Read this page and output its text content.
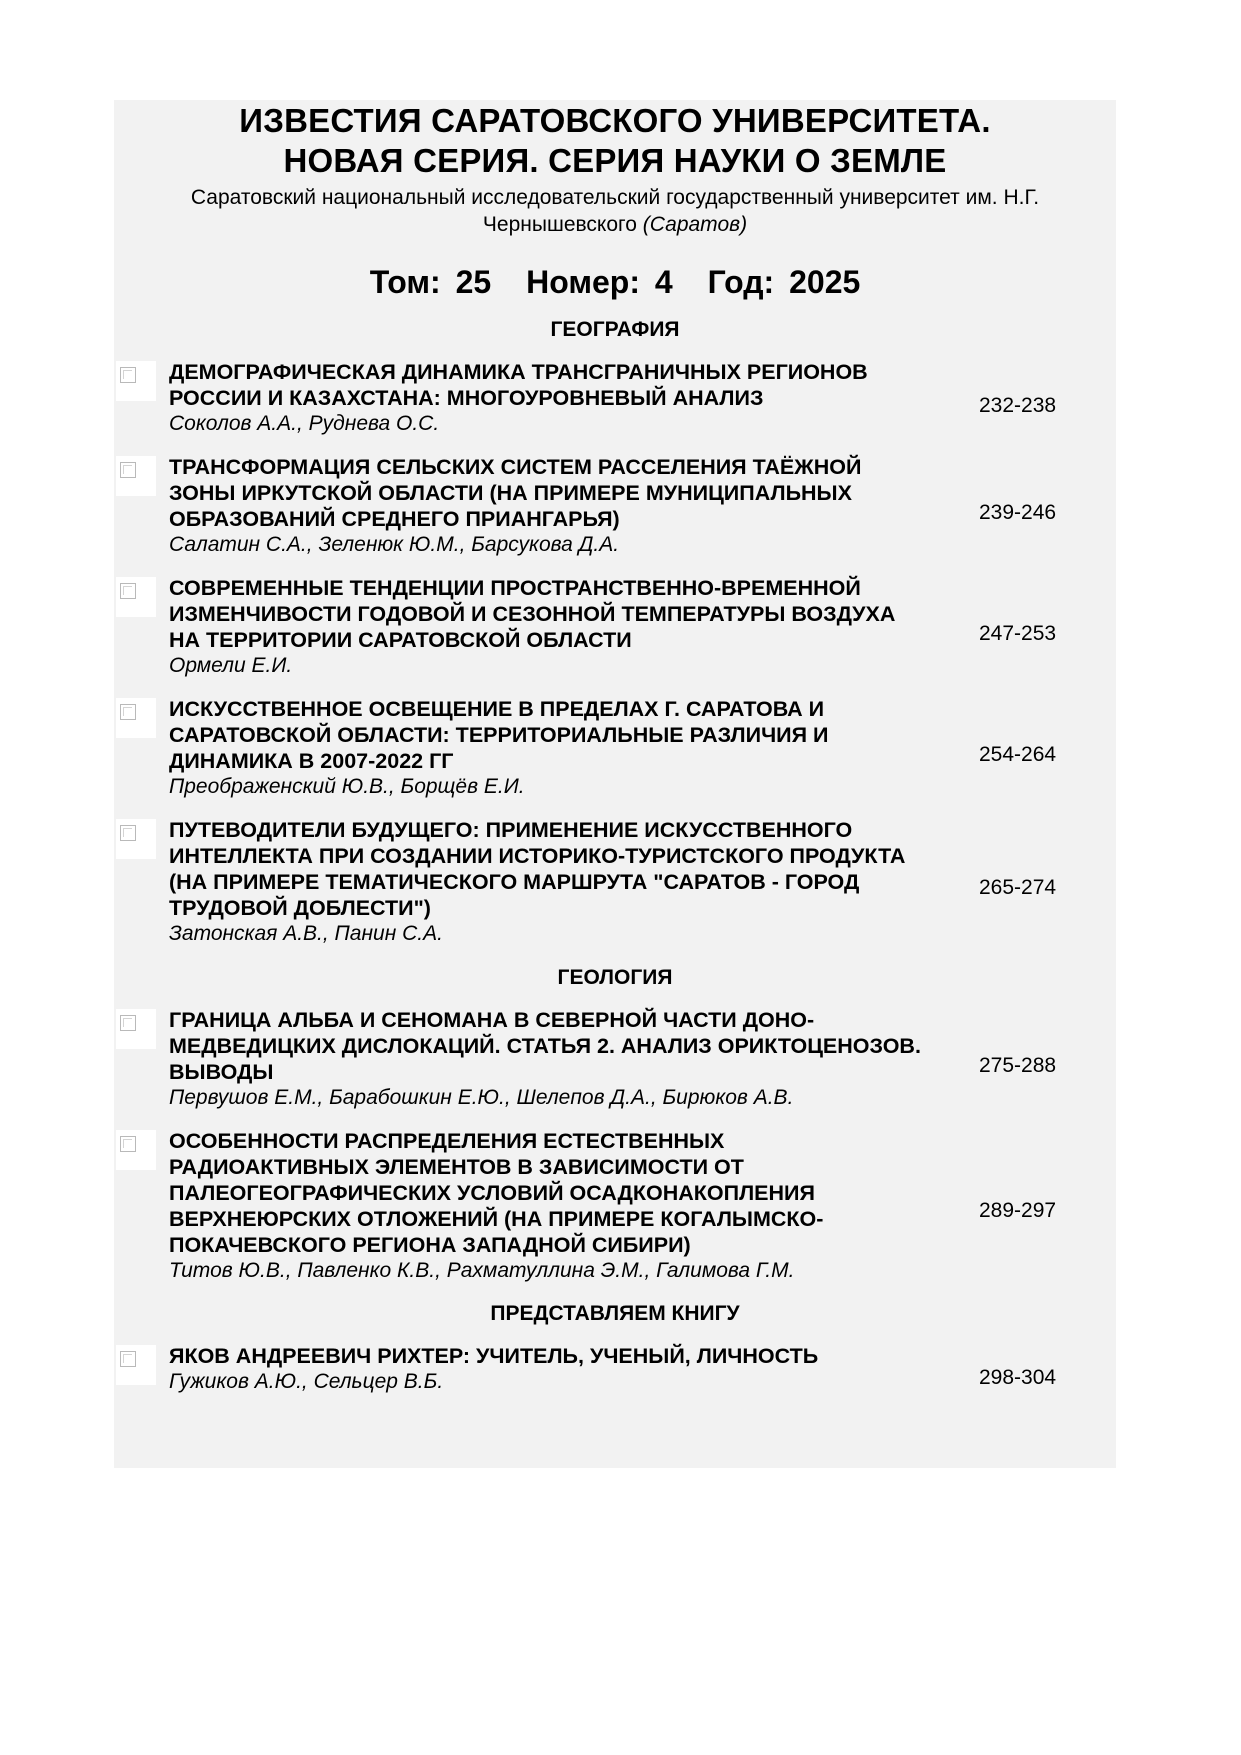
ИЗВЕСТИЯ САРАТОВСКОГО УНИВЕРСИТЕТА.
НОВАЯ СЕРИЯ. СЕРИЯ НАУКИ О ЗЕМЛЕ
Саратовский национальный исследовательский государственный университет им. Н.Г. Чернышевского (Саратов)
Том: 25 Номер: 4 Год: 2025
ГЕОГРАФИЯ
ДЕМОГРАФИЧЕСКАЯ ДИНАМИКА ТРАНСГРАНИЧНЫХ РЕГИОНОВ РОССИИ И КАЗАХСТАНА: МНОГОУРОВНЕВЫЙ АНАЛИЗ
Соколов А.А., Руднева О.С.
232-238
ТРАНСФОРМАЦИЯ СЕЛЬСКИХ СИСТЕМ РАССЕЛЕНИЯ ТАЁЖНОЙ ЗОНЫ ИРКУТСКОЙ ОБЛАСТИ (НА ПРИМЕРЕ МУНИЦИПАЛЬНЫХ ОБРАЗОВАНИЙ СРЕДНЕГО ПРИАНГАРЬЯ)
Салатин С.А., Зеленюк Ю.М., Барсукова Д.А.
239-246
СОВРЕМЕННЫЕ ТЕНДЕНЦИИ ПРОСТРАНСТВЕННО-ВРЕМЕННОЙ ИЗМЕНЧИВОСТИ ГОДОВОЙ И СЕЗОННОЙ ТЕМПЕРАТУРЫ ВОЗДУХА НА ТЕРРИТОРИИ САРАТОВСКОЙ ОБЛАСТИ
Ормели Е.И.
247-253
ИСКУССТВЕННОЕ ОСВЕЩЕНИЕ В ПРЕДЕЛАХ Г. САРАТОВА И САРАТОВСКОЙ ОБЛАСТИ: ТЕРРИТОРИАЛЬНЫЕ РАЗЛИЧИЯ И ДИНАМИКА В 2007-2022 ГГ
Преображенский Ю.В., Борщёв Е.И.
254-264
ПУТЕВОДИТЕЛИ БУДУЩЕГО: ПРИМЕНЕНИЕ ИСКУССТВЕННОГО ИНТЕЛЛЕКТА ПРИ СОЗДАНИИ ИСТОРИКО-ТУРИСТСКОГО ПРОДУКТА (НА ПРИМЕРЕ ТЕМАТИЧЕСКОГО МАРШРУТА "САРАТОВ - ГОРОД ТРУДОВОЙ ДОБЛЕСТИ")
Затонская А.В., Панин С.А.
265-274
ГЕОЛОГИЯ
ГРАНИЦА АЛЬБА И СЕНОМАНА В СЕВЕРНОЙ ЧАСТИ ДОНО-МЕДВЕДИЦКИХ ДИСЛОКАЦИЙ. СТАТЬЯ 2. АНАЛИЗ ОРИКТОЦЕНОЗОВ. ВЫВОДЫ
Первушов Е.М., Барабошкин Е.Ю., Шелепов Д.А., Бирюков А.В.
275-288
ОСОБЕННОСТИ РАСПРЕДЕЛЕНИЯ ЕСТЕСТВЕННЫХ РАДИОАКТИВНЫХ ЭЛЕМЕНТОВ В ЗАВИСИМОСТИ ОТ ПАЛЕОГЕОГРАФИЧЕСКИХ УСЛОВИЙ ОСАДКОНАКОПЛЕНИЯ ВЕРХНЕЮРСКИХ ОТЛОЖЕНИЙ (НА ПРИМЕРЕ КОГАЛЫМСКО-ПОКАЧЕВСКОГО РЕГИОНА ЗАПАДНОЙ СИБИРИ)
Титов Ю.В., Павленко К.В., Рахматуллина Э.М., Галимова Г.М.
289-297
ПРЕДСТАВЛЯЕМ КНИГУ
ЯКОВ АНДРЕЕВИЧ РИХТЕР: УЧИТЕЛЬ, УЧЕНЫЙ, ЛИЧНОСТЬ
Гужиков А.Ю., Сельцер В.Б.	298-304
